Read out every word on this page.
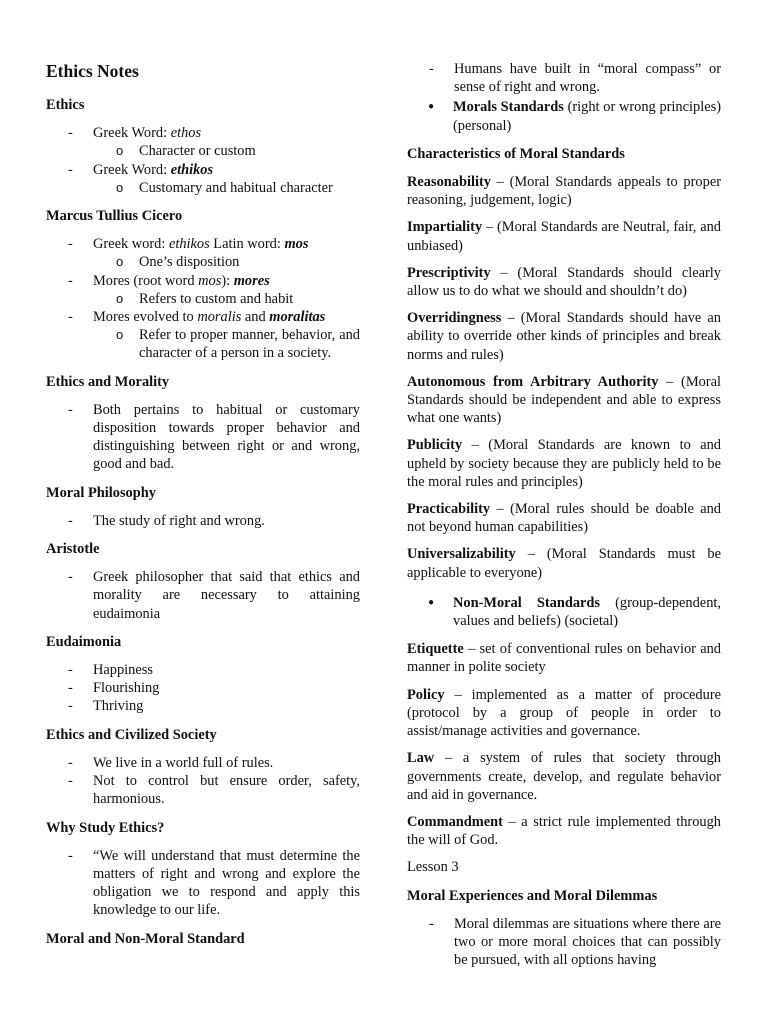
Ethics Notes
Ethics
- Greek Word: ethos
o Character or custom
- Greek Word: ethikos
o Customary and habitual character
Marcus Tullius Cicero
- Greek word: ethikos Latin word: mos
o One’s disposition
- Mores (root word mos): mores
o Refers to custom and habit
- Mores evolved to moralis and moralitas
o Refer to proper manner, behavior, and character of a person in a society.
Ethics and Morality
- Both pertains to habitual or customary disposition towards proper behavior and distinguishing between right or and wrong, good and bad.
Moral Philosophy
- The study of right and wrong.
Aristotle
- Greek philosopher that said that ethics and morality are necessary to attaining eudaimonia
Eudaimonia
- Happiness
- Flourishing
- Thriving
Ethics and Civilized Society
- We live in a world full of rules.
- Not to control but ensure order, safety, harmonious.
Why Study Ethics?
- “We will understand that must determine the matters of right and wrong and explore the obligation we to respond and apply this knowledge to our life.
Moral and Non-Moral Standard
- Humans have built in “moral compass” or sense of right and wrong.
● Morals Standards (right or wrong principles) (personal)
Characteristics of Moral Standards
Reasonability – (Moral Standards appeals to proper reasoning, judgement, logic)
Impartiality – (Moral Standards are Neutral, fair, and unbiased)
Prescriptivity – (Moral Standards should clearly allow us to do what we should and shouldn’t do)
Overridingness – (Moral Standards should have an ability to override other kinds of principles and break norms and rules)
Autonomous from Arbitrary Authority – (Moral Standards should be independent and able to express what one wants)
Publicity – (Moral Standards are known to and upheld by society because they are publicly held to be the moral rules and principles)
Practicability – (Moral rules should be doable and not beyond human capabilities)
Universalizability – (Moral Standards must be applicable to everyone)
● Non-Moral Standards (group-dependent, values and beliefs) (societal)
Etiquette – set of conventional rules on behavior and manner in polite society
Policy – implemented as a matter of procedure (protocol by a group of people in order to assist/manage activities and governance.
Law – a system of rules that society through governments create, develop, and regulate behavior and aid in governance.
Commandment – a strict rule implemented through the will of God.
Lesson 3
Moral Experiences and Moral Dilemmas
- Moral dilemmas are situations where there are two or more moral choices that can possibly be pursued, with all options having
